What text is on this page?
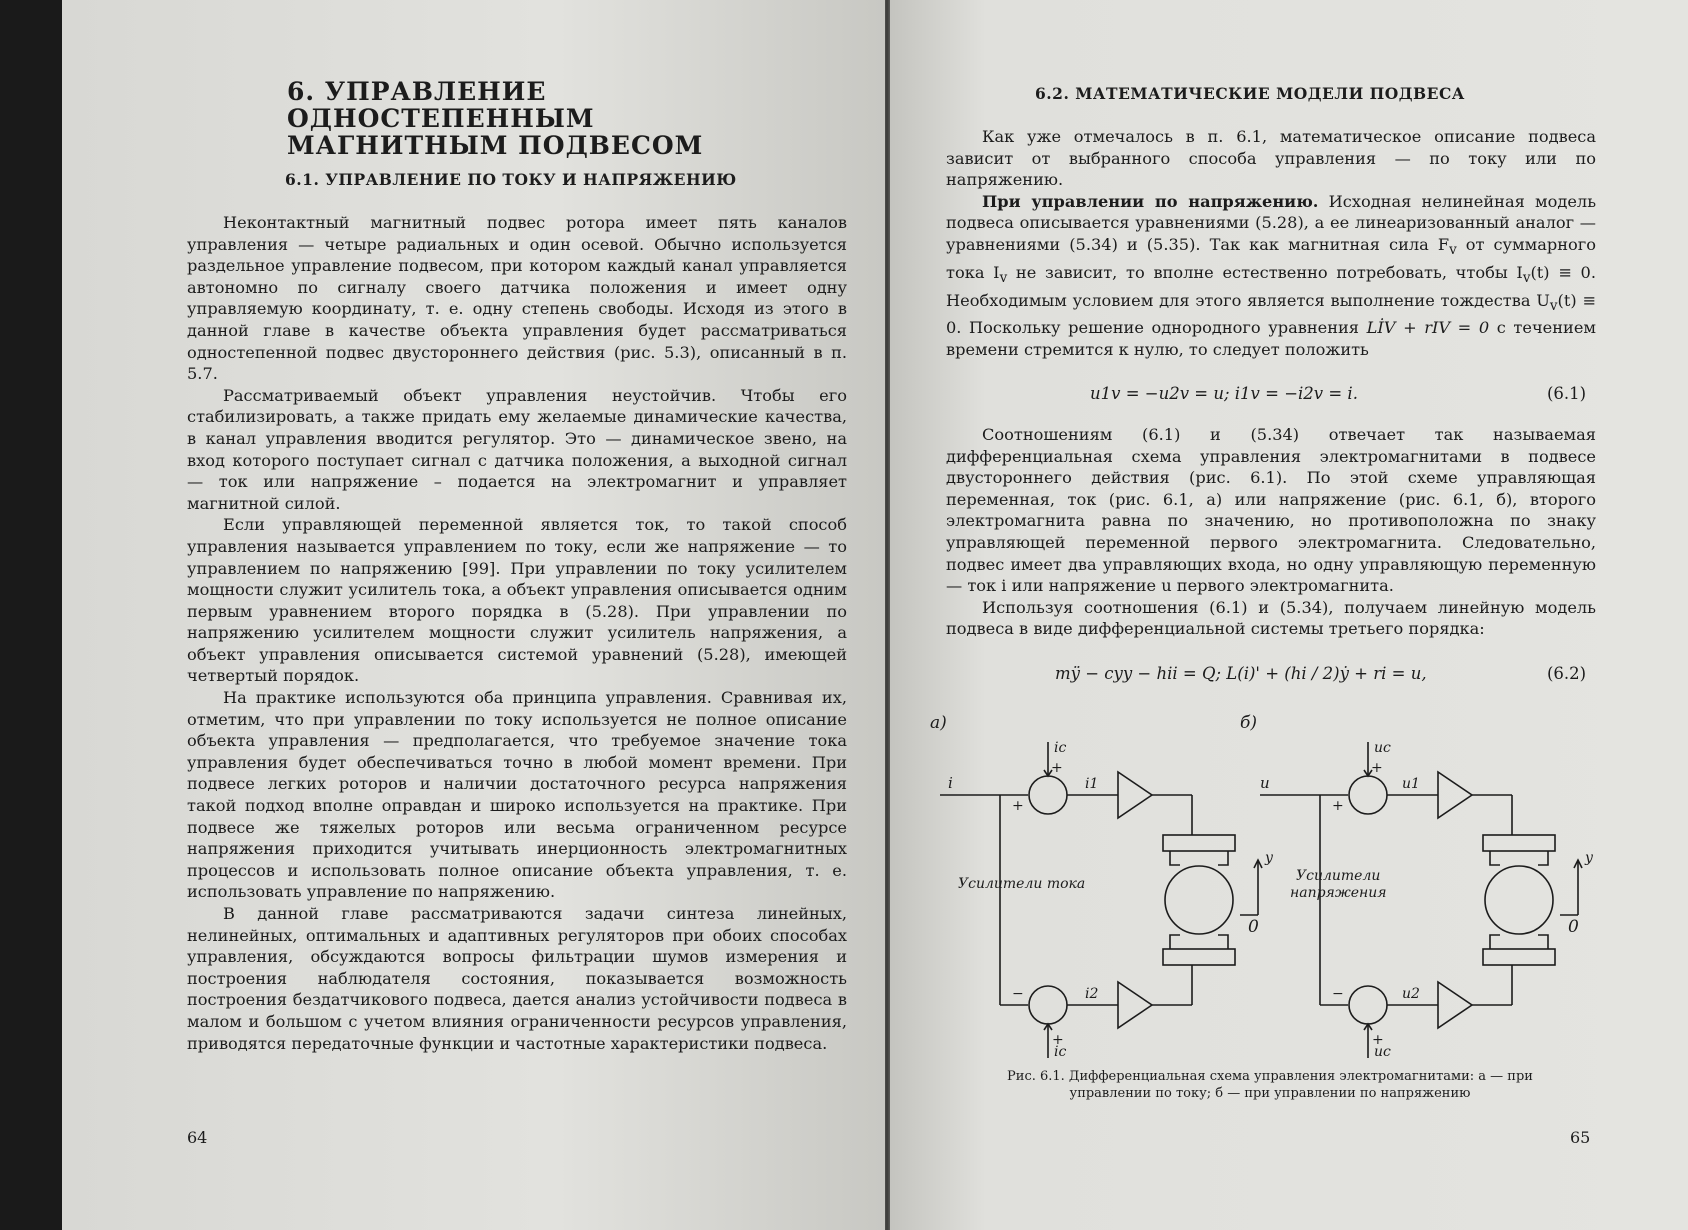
6. УПРАВЛЕНИЕ ОДНОСТЕПЕННЫМ
МАГНИТНЫМ ПОДВЕСОМ
6.1. УПРАВЛЕНИЕ ПО ТОКУ И НАПРЯЖЕНИЮ

Неконтактный магнитный подвес ротора имеет пять каналов управления — четыре радиальных и один осевой. Обычно используется раздельное управление подвесом, при котором каждый канал управляется автономно по сигналу своего датчика положения и имеет одну управляемую координату, т. е. одну степень свободы. Исходя из этого в данной главе в качестве объекта управления будет рассматриваться одностепенной подвес двустороннего действия (рис. 5.3), описанный в п. 5.7.

Рассматриваемый объект управления неустойчив. Чтобы его стабилизировать, а также придать ему желаемые динамические качества, в канал управления вводится регулятор. Это — динамическое звено, на вход которого поступает сигнал с датчика положения, а выходной сигнал — ток или напряжение – подается на электромагнит и управляет магнитной силой.

Если управляющей переменной является ток, то такой способ управления называется управлением по току, если же напряжение — то управлением по напряжению [99]. При управлении по току усилителем мощности служит усилитель тока, а объект управления описывается одним первым уравнением второго порядка в (5.28). При управлении по напряжению усилителем мощности служит усилитель напряжения, а объект управления описывается системой уравнений (5.28), имеющей четвертый порядок.

На практике используются оба принципа управления. Сравнивая их, отметим, что при управлении по току используется не полное описание объекта управления — предполагается, что требуемое значение тока управления будет обеспечиваться точно в любой момент времени. При подвесе легких роторов и наличии достаточного ресурса напряжения такой подход вполне оправдан и широко используется на практике. При подвесе же тяжелых роторов или весьма ограниченном ресурсе напряжения приходится учитывать инерционность электромагнитных процессов и использовать полное описание объекта управления, т. е. использовать управление по напряжению.

В данной главе рассматриваются задачи синтеза линейных, нелинейных, оптимальных и адаптивных регуляторов при обоих способах управления, обсуждаются вопросы фильтрации шумов измерения и построения наблюдателя состояния, показывается возможность построения бездатчикового подвеса, дается анализ устойчивости подвеса в малом и большом с учетом влияния ограниченности ресурсов управления, приводятся передаточные функции и частотные характеристики подвеса.

64
6.2. МАТЕМАТИЧЕСКИЕ МОДЕЛИ ПОДВЕСА

Как уже отмечалось в п. 6.1, математическое описание подвеса зависит от выбранного способа управления — по току или по напряжению.

При управлении по напряжению. Исходная нелинейная модель подвеса описывается уравнениями (5.28), а ее линеаризованный аналог — уравнениями (5.34) и (5.35). Так как магнитная сила $F_v$ от суммарного тока $I_v$ не зависит, то вполне естественно потребовать, чтобы $I_v(t) \equiv 0$. Необходимым условием для этого является выполнение тождества $U_v(t) \equiv 0$. Поскольку решение однородного уравнения LİV + rIV = 0 с течением времени стремится к нулю, то следует положить

u1v = −u2v = u; i1v = −i2v = i.	(6.1)

Соотношениям (6.1) и (5.34) отвечает так называемая дифференциальная схема управления электромагнитами в подвесе двустороннего действия (рис. 6.1). По этой схеме управляющая переменная, ток (рис. 6.1, а) или напряжение (рис. 6.1, б), второго электромагнита равна по значению, но противоположна по знаку управляющей переменной первого электромагнита. Следовательно, подвес имеет два управляющих входа, но одну управляющую переменную — ток i или напряжение u первого электромагнита.

Используя соотношения (6.1) и (5.34), получаем линейную модель подвеса в виде дифференциальной системы третьего порядка:

mÿ − cyy − hii = Q; L(i)' + (hi / 2)ẏ + ri = u,	(6.2)
а)
i
ic
+
+
i1
−	i2
ic
+
Усилители тока
y
0
б)
u
uc
+
+
u1
−	u2
uc
+
Усилители
напряжения
y
0
Рис. 6.1. Дифференциальная схема управления электромагнитами: а — при
управлении по току; б — при управлении по напряжению
65
